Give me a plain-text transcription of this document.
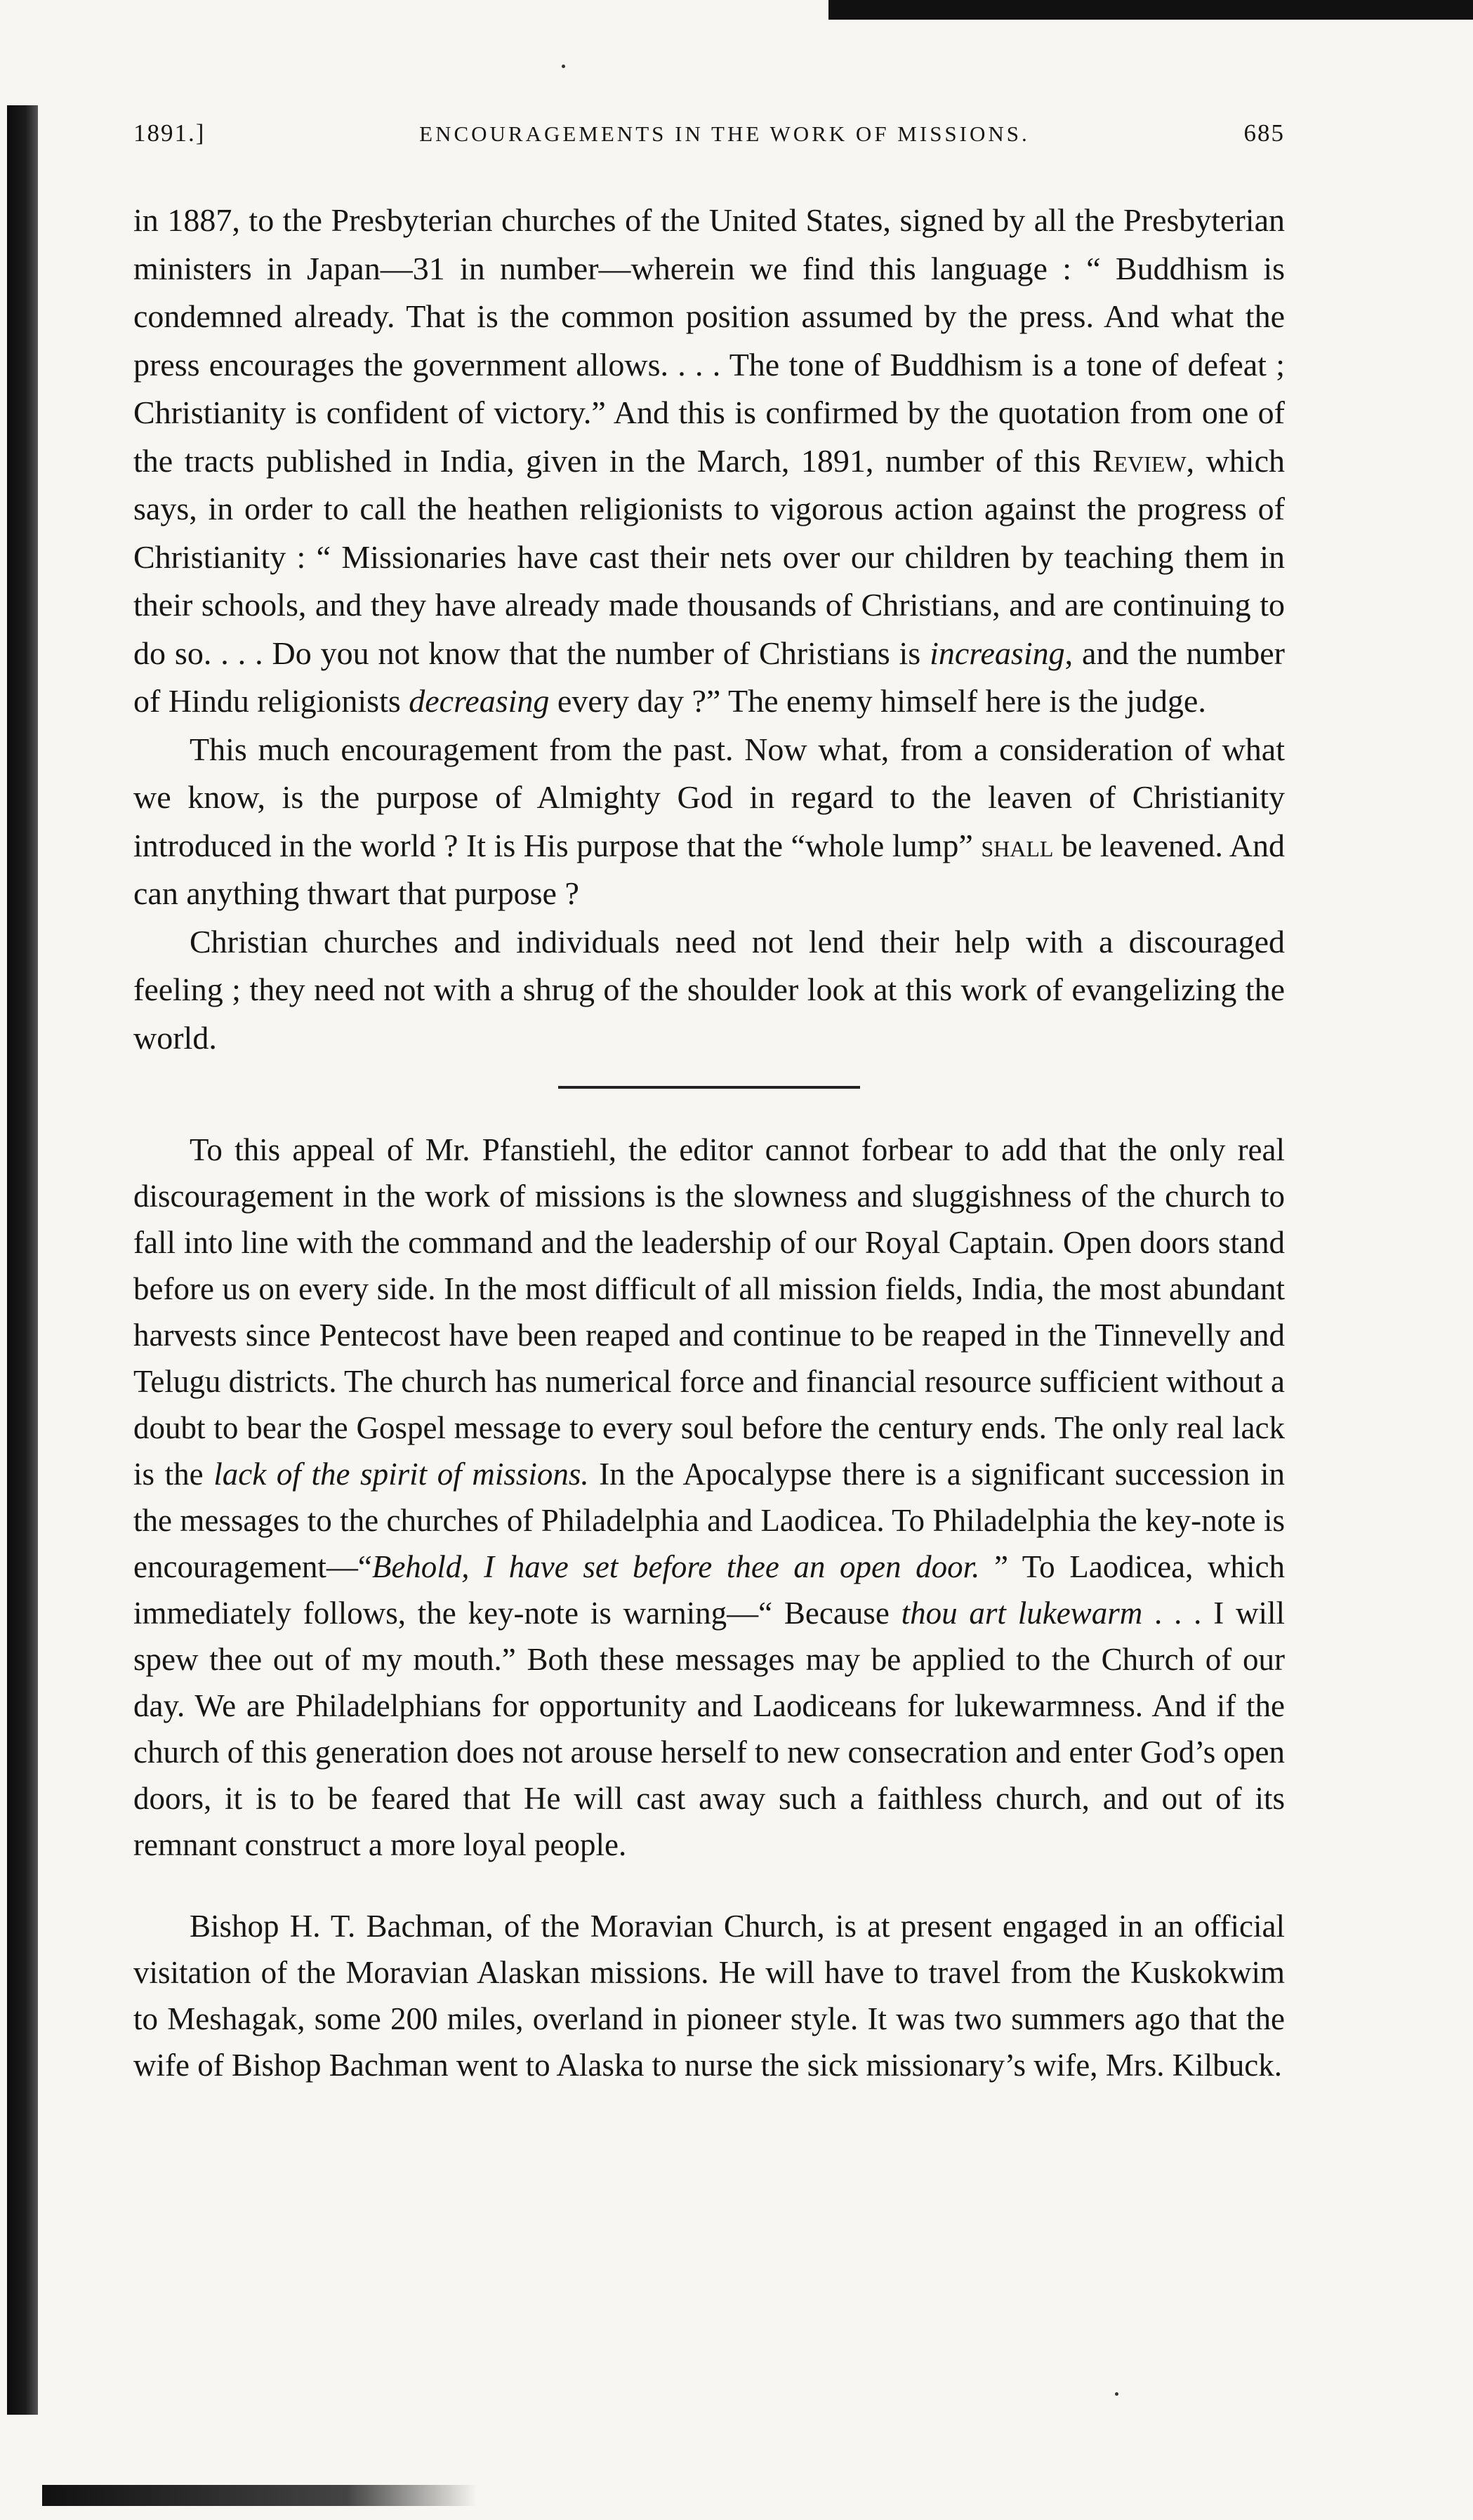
1891.]	ENCOURAGEMENTS IN THE WORK OF MISSIONS.	685

in 1887, to the Presbyterian churches of the United States, signed by all the Presbyterian ministers in Japan—31 in number—wherein we find this language : “ Buddhism is condemned already. That is the common position assumed by the press. And what the press encourages the government allows. . . . The tone of Buddhism is a tone of defeat ; Christianity is confident of victory.” And this is confirmed by the quotation from one of the tracts published in India, given in the March, 1891, number of this Review, which says, in order to call the heathen religionists to vigorous action against the progress of Christianity : “ Missionaries have cast their nets over our children by teaching them in their schools, and they have already made thousands of Christians, and are continuing to do so. . . . Do you not know that the number of Christians is increasing, and the number of Hindu religionists decreasing every day ?” The enemy himself here is the judge.

This much encouragement from the past. Now what, from a consideration of what we know, is the purpose of Almighty God in regard to the leaven of Christianity introduced in the world ? It is His purpose that the “whole lump” shall be leavened. And can anything thwart that purpose ?

Christian churches and individuals need not lend their help with a discouraged feeling ; they need not with a shrug of the shoulder look at this work of evangelizing the world.

To this appeal of Mr. Pfanstiehl, the editor cannot forbear to add that the only real discouragement in the work of missions is the slowness and sluggishness of the church to fall into line with the command and the leadership of our Royal Captain. Open doors stand before us on every side. In the most difficult of all mission fields, India, the most abundant harvests since Pentecost have been reaped and continue to be reaped in the Tinnevelly and Telugu districts. The church has numerical force and financial resource sufficient without a doubt to bear the Gospel message to every soul before the century ends. The only real lack is the lack of the spirit of missions. In the Apocalypse there is a significant succession in the messages to the churches of Philadelphia and Laodicea. To Philadelphia the key-note is encouragement—“Behold, I have set before thee an open door. ” To Laodicea, which immediately follows, the key-note is warning—“ Because thou art lukewarm . . . I will spew thee out of my mouth.” Both these messages may be applied to the Church of our day. We are Philadelphians for opportunity and Laodiceans for lukewarmness. And if the church of this generation does not arouse herself to new consecration and enter God’s open doors, it is to be feared that He will cast away such a faithless church, and out of its remnant construct a more loyal people.

Bishop H. T. Bachman, of the Moravian Church, is at present engaged in an official visitation of the Moravian Alaskan missions. He will have to travel from the Kuskokwim to Meshagak, some 200 miles, overland in pioneer style. It was two summers ago that the wife of Bishop Bachman went to Alaska to nurse the sick missionary’s wife, Mrs. Kilbuck.
